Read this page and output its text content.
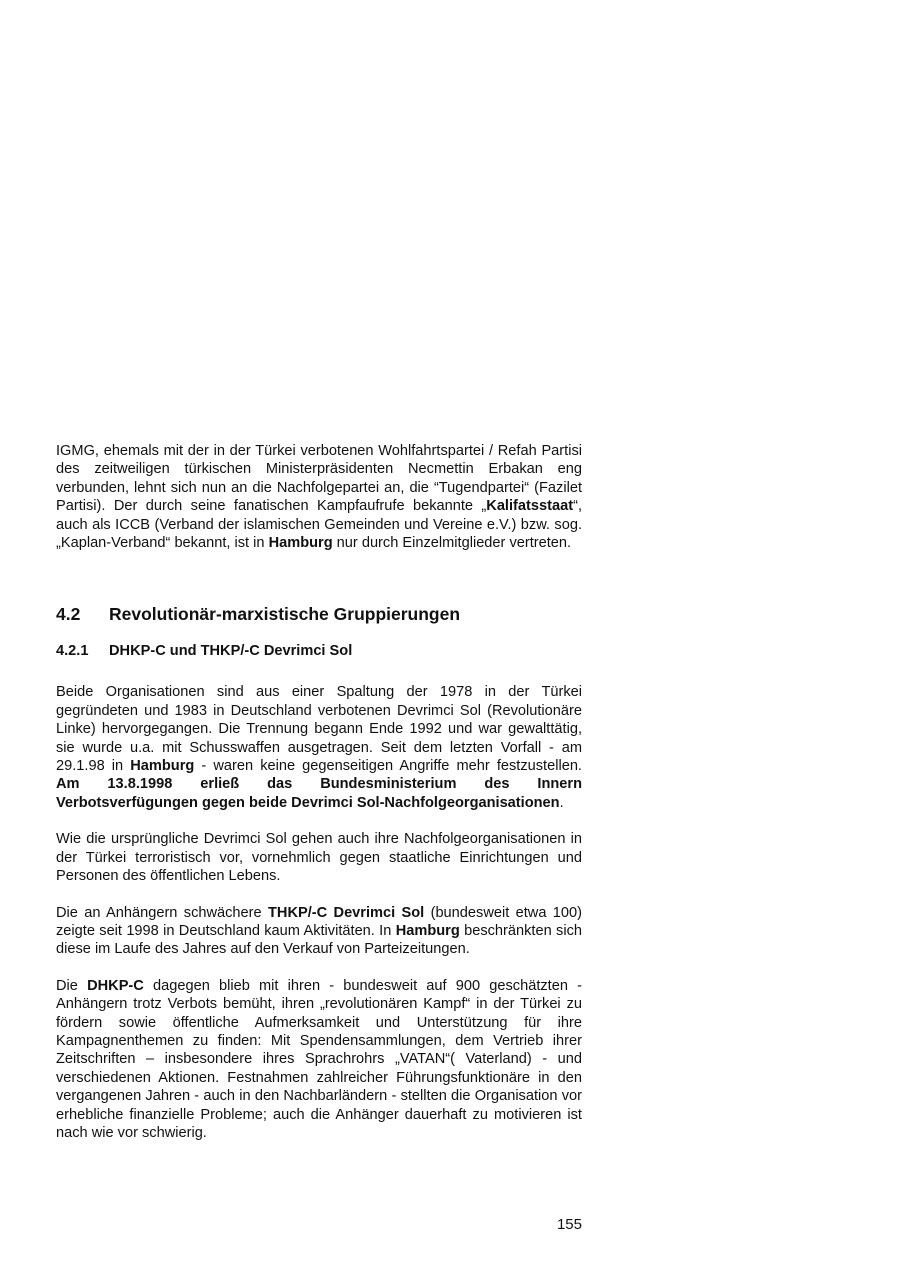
IGMG, ehemals mit der in der Türkei verbotenen Wohlfahrtspartei / Refah Partisi des zeitweiligen türkischen Ministerpräsidenten Necmettin Erbakan eng verbunden, lehnt sich nun an die Nachfolgepartei an, die “Tugendpartei“ (Fazilet Partisi). Der durch seine fanatischen Kampfaufrufe bekannte „Kalifatsstaat“, auch als ICCB (Verband der islamischen Gemeinden und Vereine e.V.) bzw. sog. „Kaplan-Verband“ bekannt, ist in Hamburg nur durch Einzelmitglieder vertreten.

4.2	Revolutionär-marxistische Gruppierungen
4.2.1	DHKP-C und THKP/-C Devrimci Sol

Beide Organisationen sind aus einer Spaltung der 1978 in der Türkei gegründeten und 1983 in Deutschland verbotenen Devrimci Sol (Revolutionäre Linke) hervorgegangen. Die Trennung begann Ende 1992 und war gewalttätig, sie wurde u.a. mit Schusswaffen ausgetragen. Seit dem letzten Vorfall - am 29.1.98 in Hamburg - waren keine gegenseitigen Angriffe mehr festzustellen. Am 13.8.1998 erließ das Bundesministerium des Innern Verbotsverfügungen gegen beide Devrimci Sol-Nachfolgeorganisationen.

Wie die ursprüngliche Devrimci Sol gehen auch ihre Nachfolgeorganisationen in der Türkei terroristisch vor, vornehmlich gegen staatliche Einrichtungen und Personen des öffentlichen Lebens.

Die an Anhängern schwächere THKP/-C Devrimci Sol (bundesweit etwa 100) zeigte seit 1998 in Deutschland kaum Aktivitäten. In Hamburg beschränkten sich diese im Laufe des Jahres auf den Verkauf von Parteizeitungen.

Die DHKP-C dagegen blieb mit ihren - bundesweit auf 900 geschätzten - Anhängern trotz Verbots bemüht, ihren „revolutionären Kampf“ in der Türkei zu fördern sowie öffentliche Aufmerksamkeit und Unterstützung für ihre Kampagnenthemen zu finden: Mit Spendensammlungen, dem Vertrieb ihrer Zeitschriften – insbesondere ihres Sprachrohrs „VATAN“( Vaterland) - und verschiedenen Aktionen. Festnahmen zahlreicher Führungsfunktionäre in den vergangenen Jahren - auch in den Nachbarländern - stellten die Organisation vor erhebliche finanzielle Probleme; auch die Anhänger dauerhaft zu motivieren ist nach wie vor schwierig.

155
